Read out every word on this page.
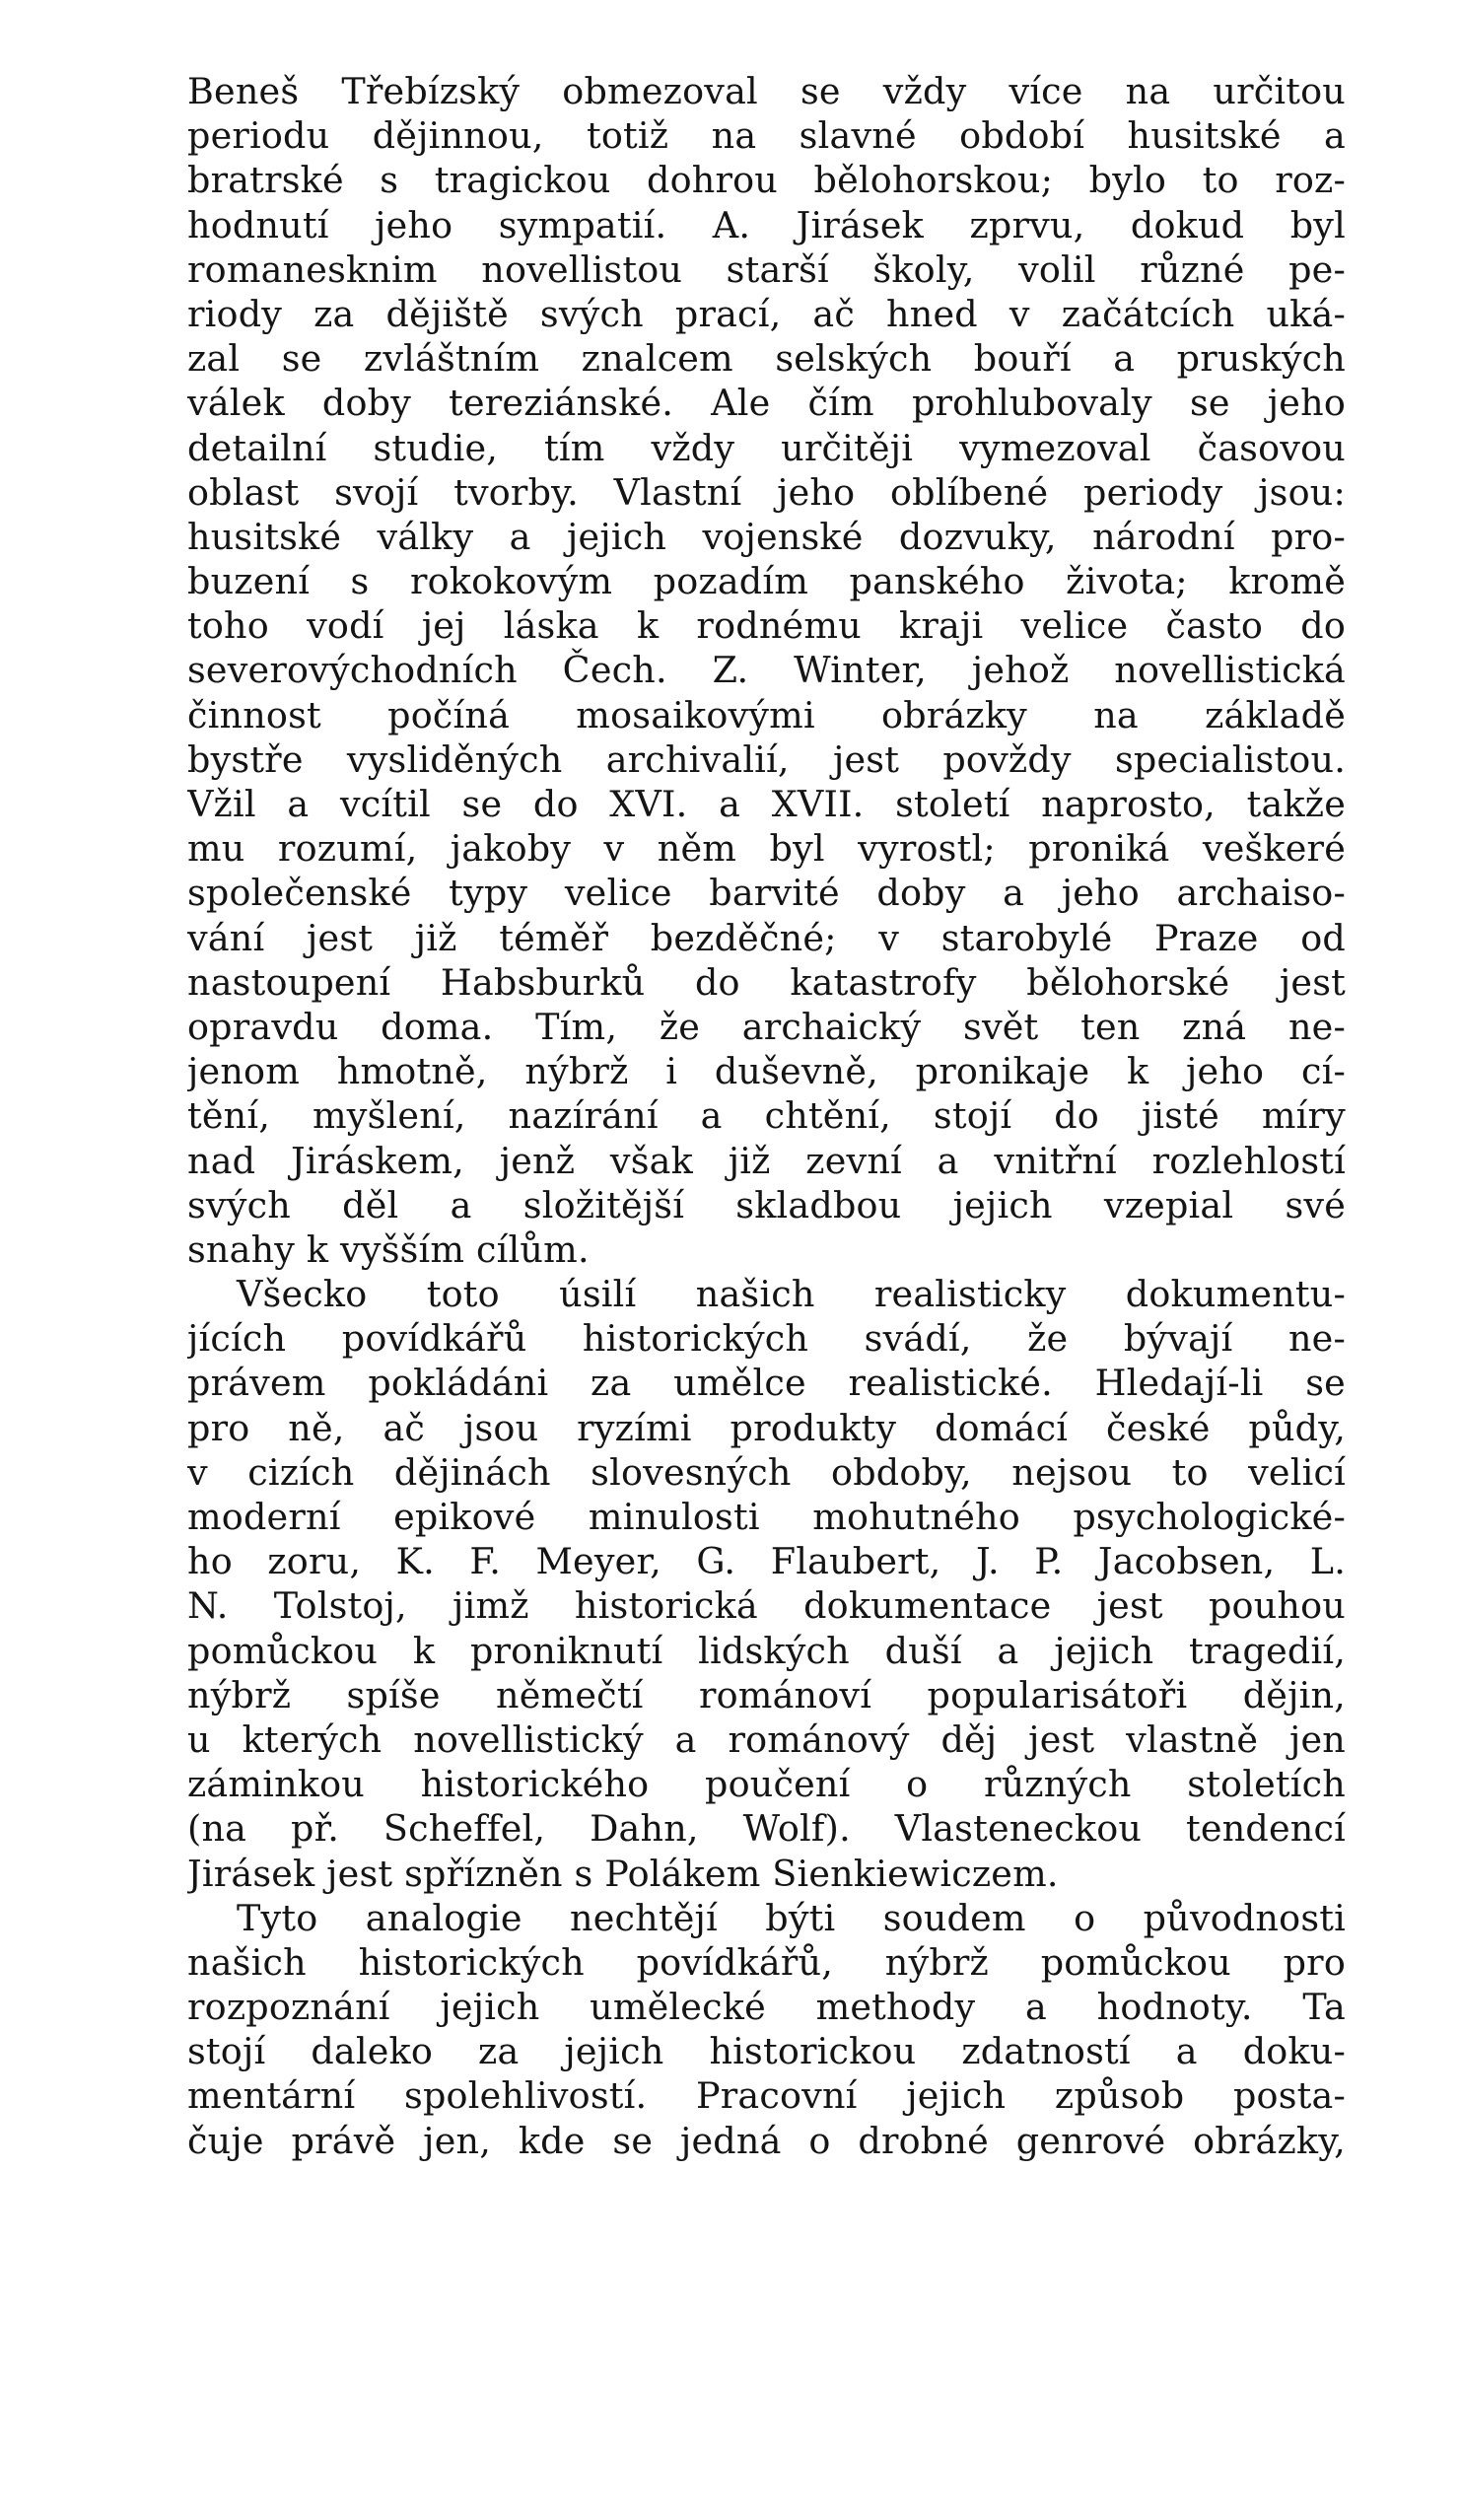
Beneš Třebízský obmezoval se vždy více na určitou
periodu dějinnou, totiž na slavné období husitské a
bratrské s tragickou dohrou bělohorskou; bylo to roz-
hodnutí jeho sympatií. A. Jirásek zprvu, dokud byl
romanesknim novellistou starší školy, volil různé pe-
riody za dějiště svých prací, ač hned v začátcích uká-
zal se zvláštním znalcem selských bouří a pruských
válek doby tereziánské. Ale čím prohlubovaly se jeho
detailní studie, tím vždy určitěji vymezoval časovou
oblast svojí tvorby. Vlastní jeho oblíbené periody jsou:
husitské války a jejich vojenské dozvuky, národní pro-
buzení s rokokovým pozadím panského života; kromě
toho vodí jej láska k rodnému kraji velice často do
severovýchodních Čech. Z. Winter, jehož novellistická
činnost počíná mosaikovými obrázky na základě
bystře vysliděných archivalií, jest povždy specialistou.
Vžil a vcítil se do XVI. a XVII. století naprosto, takže
mu rozumí, jakoby v něm byl vyrostl; proniká veškeré
společenské typy velice barvité doby a jeho archaiso-
vání jest již téměř bezděčné; v starobylé Praze od
nastoupení Habsburků do katastrofy bělohorské jest
opravdu doma. Tím, že archaický svět ten zná ne-
jenom hmotně, nýbrž i duševně, pronikaje k jeho cí-
tění, myšlení, nazírání a chtění, stojí do jisté míry
nad Jiráskem, jenž však již zevní a vnitřní rozlehlostí
svých děl a složitější skladbou jejich vzepial své
snahy k vyšším cílům.
Všecko toto úsilí našich realisticky dokumentu-
jících povídkářů historických svádí, že bývají ne-
právem pokládáni za umělce realistické. Hledají-li se
pro ně, ač jsou ryzími produkty domácí české půdy,
v cizích dějinách slovesných obdoby, nejsou to velicí
moderní epikové minulosti mohutného psychologické-
ho zoru, K. F. Meyer, G. Flaubert, J. P. Jacobsen, L.
N. Tolstoj, jimž historická dokumentace jest pouhou
pomůckou k proniknutí lidských duší a jejich tragedií,
nýbrž spíše němečtí románoví popularisátoři dějin,
u kterých novellistický a románový děj jest vlastně jen
záminkou historického poučení o různých stoletích
(na př. Scheffel, Dahn, Wolf). Vlasteneckou tendencí
Jirásek jest spřízněn s Polákem Sienkiewiczem.
Tyto analogie nechtějí býti soudem o původnosti
našich historických povídkářů, nýbrž pomůckou pro
rozpoznání jejich umělecké methody a hodnoty. Ta
stojí daleko za jejich historickou zdatností a doku-
mentární spolehlivostí. Pracovní jejich způsob posta-
čuje právě jen, kde se jedná o drobné genrové obrázky,
